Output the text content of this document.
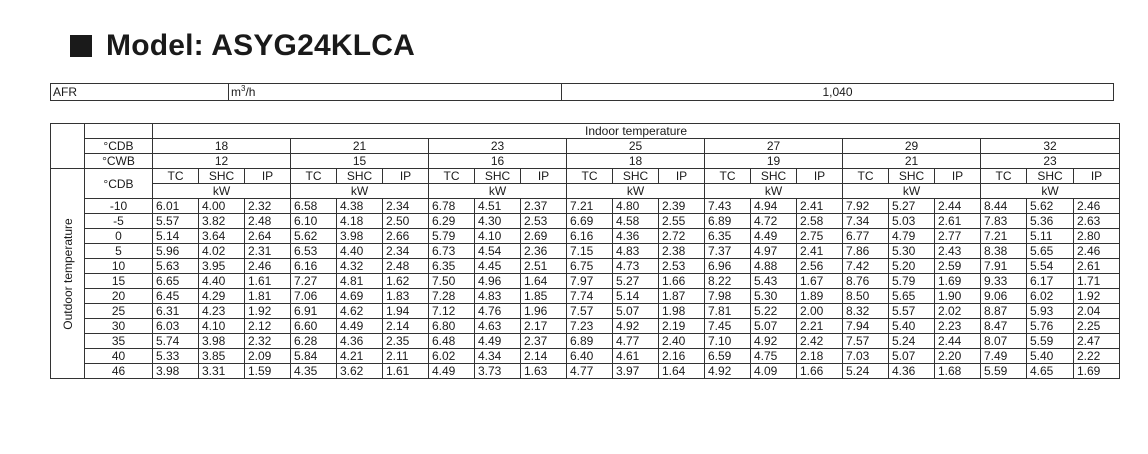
Model: ASYG24KLCA
AFR	$m^3/h$	1,040
		Indoor temperature																				
	°CDB	18			21			23			25			27			29			32		
	°CWB	12			15			16			18			19			21			23		

Outdoor temperature	°CDB	TC	SHC	IP	TC	SHC	IP	TC	SHC	IP	TC	SHC	IP	TC	SHC	IP	TC	SHC	IP	TC	SHC	IP
		kW			kW			kW			kW			kW			kW			kW		
	-10	6.01	4.00	2.32	6.58	4.38	2.34	6.78	4.51	2.37	7.21	4.80	2.39	7.43	4.94	2.41	7.92	5.27	2.44	8.44	5.62	2.46
	-5	5.57	3.82	2.48	6.10	4.18	2.50	6.29	4.30	2.53	6.69	4.58	2.55	6.89	4.72	2.58	7.34	5.03	2.61	7.83	5.36	2.63
	0	5.14	3.64	2.64	5.62	3.98	2.66	5.79	4.10	2.69	6.16	4.36	2.72	6.35	4.49	2.75	6.77	4.79	2.77	7.21	5.11	2.80
	5	5.96	4.02	2.31	6.53	4.40	2.34	6.73	4.54	2.36	7.15	4.83	2.38	7.37	4.97	2.41	7.86	5.30	2.43	8.38	5.65	2.46
	10	5.63	3.95	2.46	6.16	4.32	2.48	6.35	4.45	2.51	6.75	4.73	2.53	6.96	4.88	2.56	7.42	5.20	2.59	7.91	5.54	2.61
	15	6.65	4.40	1.61	7.27	4.81	1.62	7.50	4.96	1.64	7.97	5.27	1.66	8.22	5.43	1.67	8.76	5.79	1.69	9.33	6.17	1.71
	20	6.45	4.29	1.81	7.06	4.69	1.83	7.28	4.83	1.85	7.74	5.14	1.87	7.98	5.30	1.89	8.50	5.65	1.90	9.06	6.02	1.92
	25	6.31	4.23	1.92	6.91	4.62	1.94	7.12	4.76	1.96	7.57	5.07	1.98	7.81	5.22	2.00	8.32	5.57	2.02	8.87	5.93	2.04
	30	6.03	4.10	2.12	6.60	4.49	2.14	6.80	4.63	2.17	7.23	4.92	2.19	7.45	5.07	2.21	7.94	5.40	2.23	8.47	5.76	2.25
	35	5.74	3.98	2.32	6.28	4.36	2.35	6.48	4.49	2.37	6.89	4.77	2.40	7.10	4.92	2.42	7.57	5.24	2.44	8.07	5.59	2.47
	40	5.33	3.85	2.09	5.84	4.21	2.11	6.02	4.34	2.14	6.40	4.61	2.16	6.59	4.75	2.18	7.03	5.07	2.20	7.49	5.40	2.22
	46	3.98	3.31	1.59	4.35	3.62	1.61	4.49	3.73	1.63	4.77	3.97	1.64	4.92	4.09	1.66	5.24	4.36	1.68	5.59	4.65	1.69
